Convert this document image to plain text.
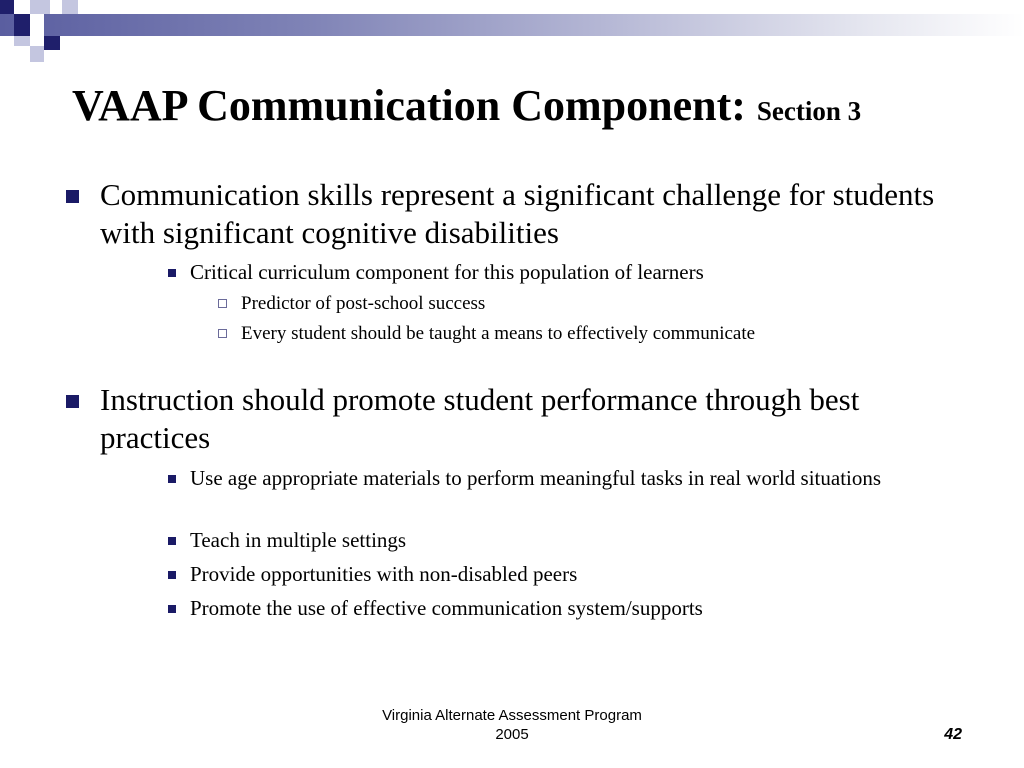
VAAP Communication Component: Section 3
Communication skills represent a significant challenge for students with significant cognitive disabilities
Critical curriculum component for this population of learners
Predictor of post-school success
Every student should be taught a means to effectively communicate
Instruction should promote student performance through best practices
Use age appropriate materials to perform meaningful tasks in real world situations
Teach in multiple settings
Provide opportunities with non-disabled peers
Promote the use of effective communication system/supports
Virginia Alternate Assessment Program
2005	42
